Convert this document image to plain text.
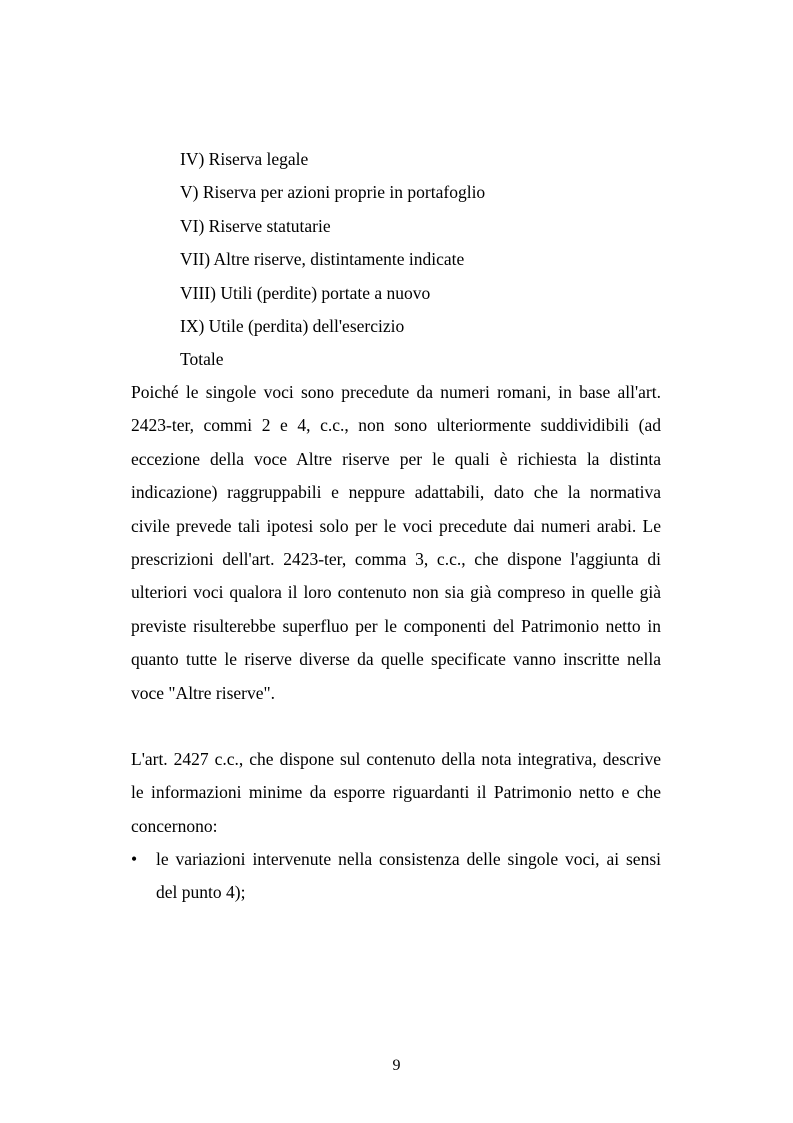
IV) Riserva legale
V) Riserva per azioni proprie in portafoglio
VI) Riserve statutarie
VII) Altre riserve, distintamente indicate
VIII) Utili (perdite) portate a nuovo
IX) Utile (perdita) dell'esercizio
Totale

Poiché le singole voci sono precedute da numeri romani, in base all'art. 2423-ter, commi 2 e 4, c.c., non sono ulteriormente suddividibili (ad eccezione della voce Altre riserve per le quali è richiesta la distinta indicazione) raggruppabili e neppure adattabili, dato che la normativa civile prevede tali ipotesi solo per le voci precedute dai numeri arabi. Le prescrizioni dell'art. 2423-ter, comma 3, c.c., che dispone l'aggiunta di ulteriori voci qualora il loro contenuto non sia già compreso in quelle già previste risulterebbe superfluo per le componenti del Patrimonio netto in quanto tutte le riserve diverse da quelle specificate vanno inscritte nella voce "Altre riserve".

L'art. 2427 c.c., che dispone sul contenuto della nota integrativa, descrive le informazioni minime da esporre riguardanti il Patrimonio netto e che concernono:

• le variazioni intervenute nella consistenza delle singole voci, ai sensi del punto 4);
9
